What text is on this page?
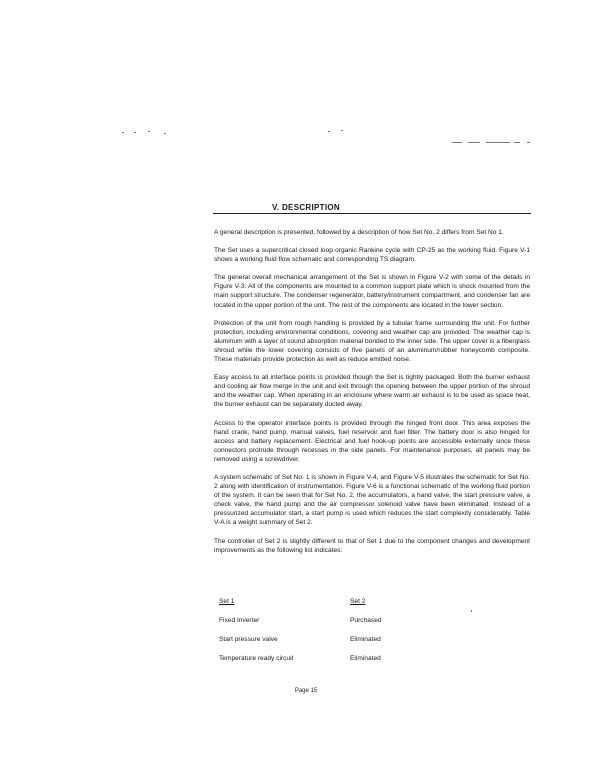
V. DESCRIPTION

A general description is presented, followed by a description of how Set No. 2 differs from Set No 1.

The Set uses a supercritical closed loop organic Rankine cycle with CP-25 as the working fluid. Figure V-1 shows a working fluid flow schematic and corresponding TS diagram.

The general overall mechanical arrangement of the Set is shown in Figure V-2 with some of the details in Figure V-3. All of the components are mounted to a common support plate which is shock mounted from the main support structure. The condenser regenerator, battery/instrument compartment, and condenser fan are located in the upper portion of the unit. The rest of the components are located in the lower section.

Protection of the unit from rough handling is provided by a tubular frame surrounding the unit. For further protection, including environmental conditions, covering and weather cap are provided. The weather cap is aluminum with a layer of sound absorption material bonded to the inner side. The upper cover is a fiberglass shroud while the lower covering consists of five panels of an aluminum/rubber honeycomb composite. These materials provide protection as well as reduce emitted noise.

Easy access to all interface points is provided though the Set is tightly packaged. Both the burner exhaust and cooling air flow merge in the unit and exit through the opening between the upper portion of the shroud and the weather cap. When operating in an enclosure where warm air exhaust is to be used as space heat, the burner exhaust can be separately ducted away.

Access to the operator interface points is provided through the hinged front door. This area exposes the hand crank, hand pump, manual valves, fuel reservoir and fuel filter. The battery door is also hinged for access and battery replacement. Electrical and fuel hook-up points are accessible externally since these connectors protrude through recesses in the side panels. For maintenance purposes, all panels may be removed using a screwdriver.

A system schematic of Set No. 1 is shown in Figure V-4, and Figure V-5 illustrates the schematic for Set No. 2 along with identification of instrumentation. Figure V-6 is a functional schematic of the working fluid portion of the system. It can be seen that for Set No. 2, the accumulators, a hand valve, the start pressure valve, a check valve, the hand pump and the air compressor solenoid valve have been eliminated. Instead of a pressurized accumulator start, a start pump is used which reduces the start complexity considerably. Table V-A is a weight summary of Set 2.

The controller of Set 2 is slightly different to that of Set 1 due to the component changes and development improvements as the following list indicates:

Set 1	Set 2
Fixed Inverter	Purchased
Start pressure valve	Eliminated
Temperature ready circuit	Eliminated
Page 15
